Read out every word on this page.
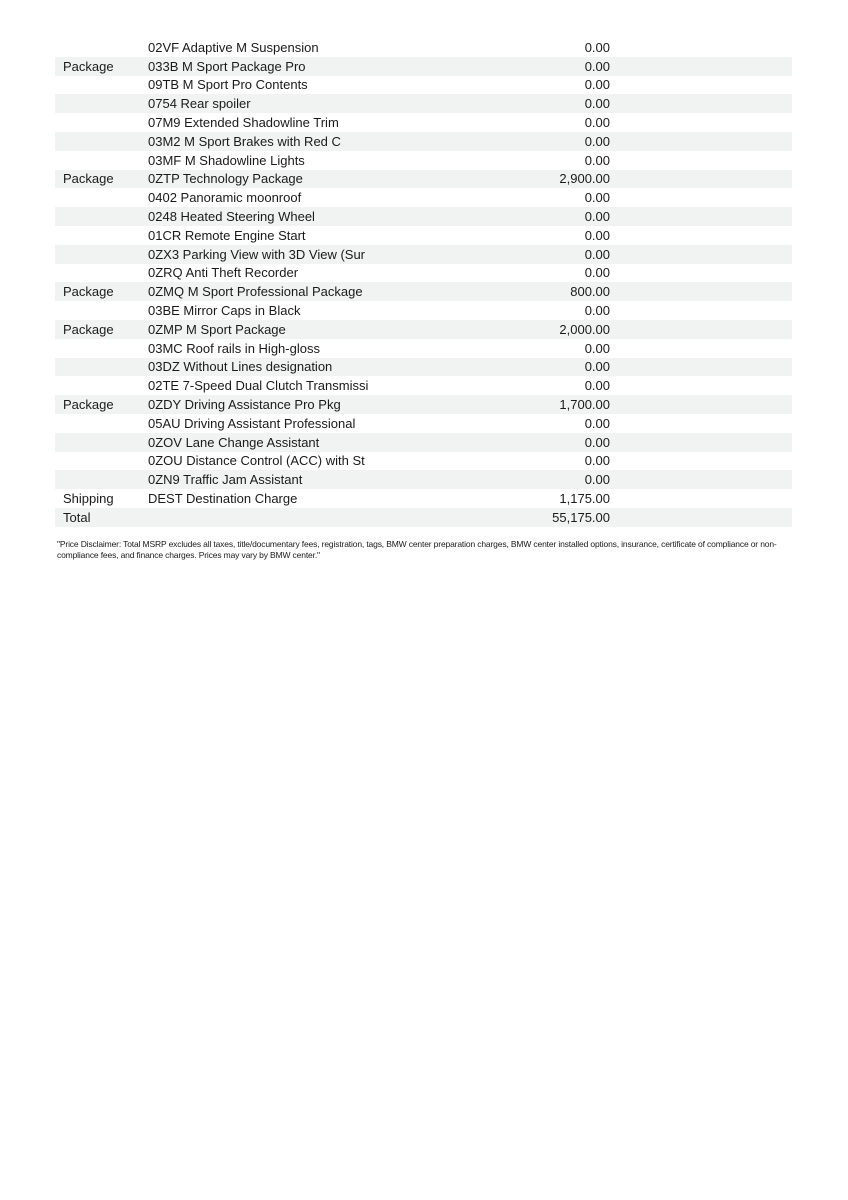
02VF Adaptive M Suspension	0.00
Package	033B M Sport Package Pro	0.00
09TB M Sport Pro Contents	0.00
0754 Rear spoiler	0.00
07M9 Extended Shadowline Trim	0.00
03M2 M Sport Brakes with Red C	0.00
03MF M Shadowline Lights	0.00
Package	0ZTP Technology Package	2,900.00
0402 Panoramic moonroof	0.00
0248 Heated Steering Wheel	0.00
01CR Remote Engine Start	0.00
0ZX3 Parking View with 3D View (Sur	0.00
0ZRQ Anti Theft Recorder	0.00
Package	0ZMQ M Sport Professional Package	800.00
03BE Mirror Caps in Black	0.00
Package	0ZMP M Sport Package	2,000.00
03MC Roof rails in High-gloss	0.00
03DZ Without Lines designation	0.00
02TE 7-Speed Dual Clutch Transmissi	0.00
Package	0ZDY Driving Assistance Pro Pkg	1,700.00
05AU Driving Assistant Professional	0.00
0ZOV Lane Change Assistant	0.00
0ZOU Distance Control (ACC) with St	0.00
0ZN9 Traffic Jam Assistant	0.00
Shipping	DEST Destination Charge	1,175.00
Total	55,175.00

"Price Disclaimer: Total MSRP excludes all taxes, title/documentary fees, registration, tags, BMW center preparation charges, BMW center installed options, insurance, certificate of compliance or non-compliance fees, and finance charges. Prices may vary by BMW center."
